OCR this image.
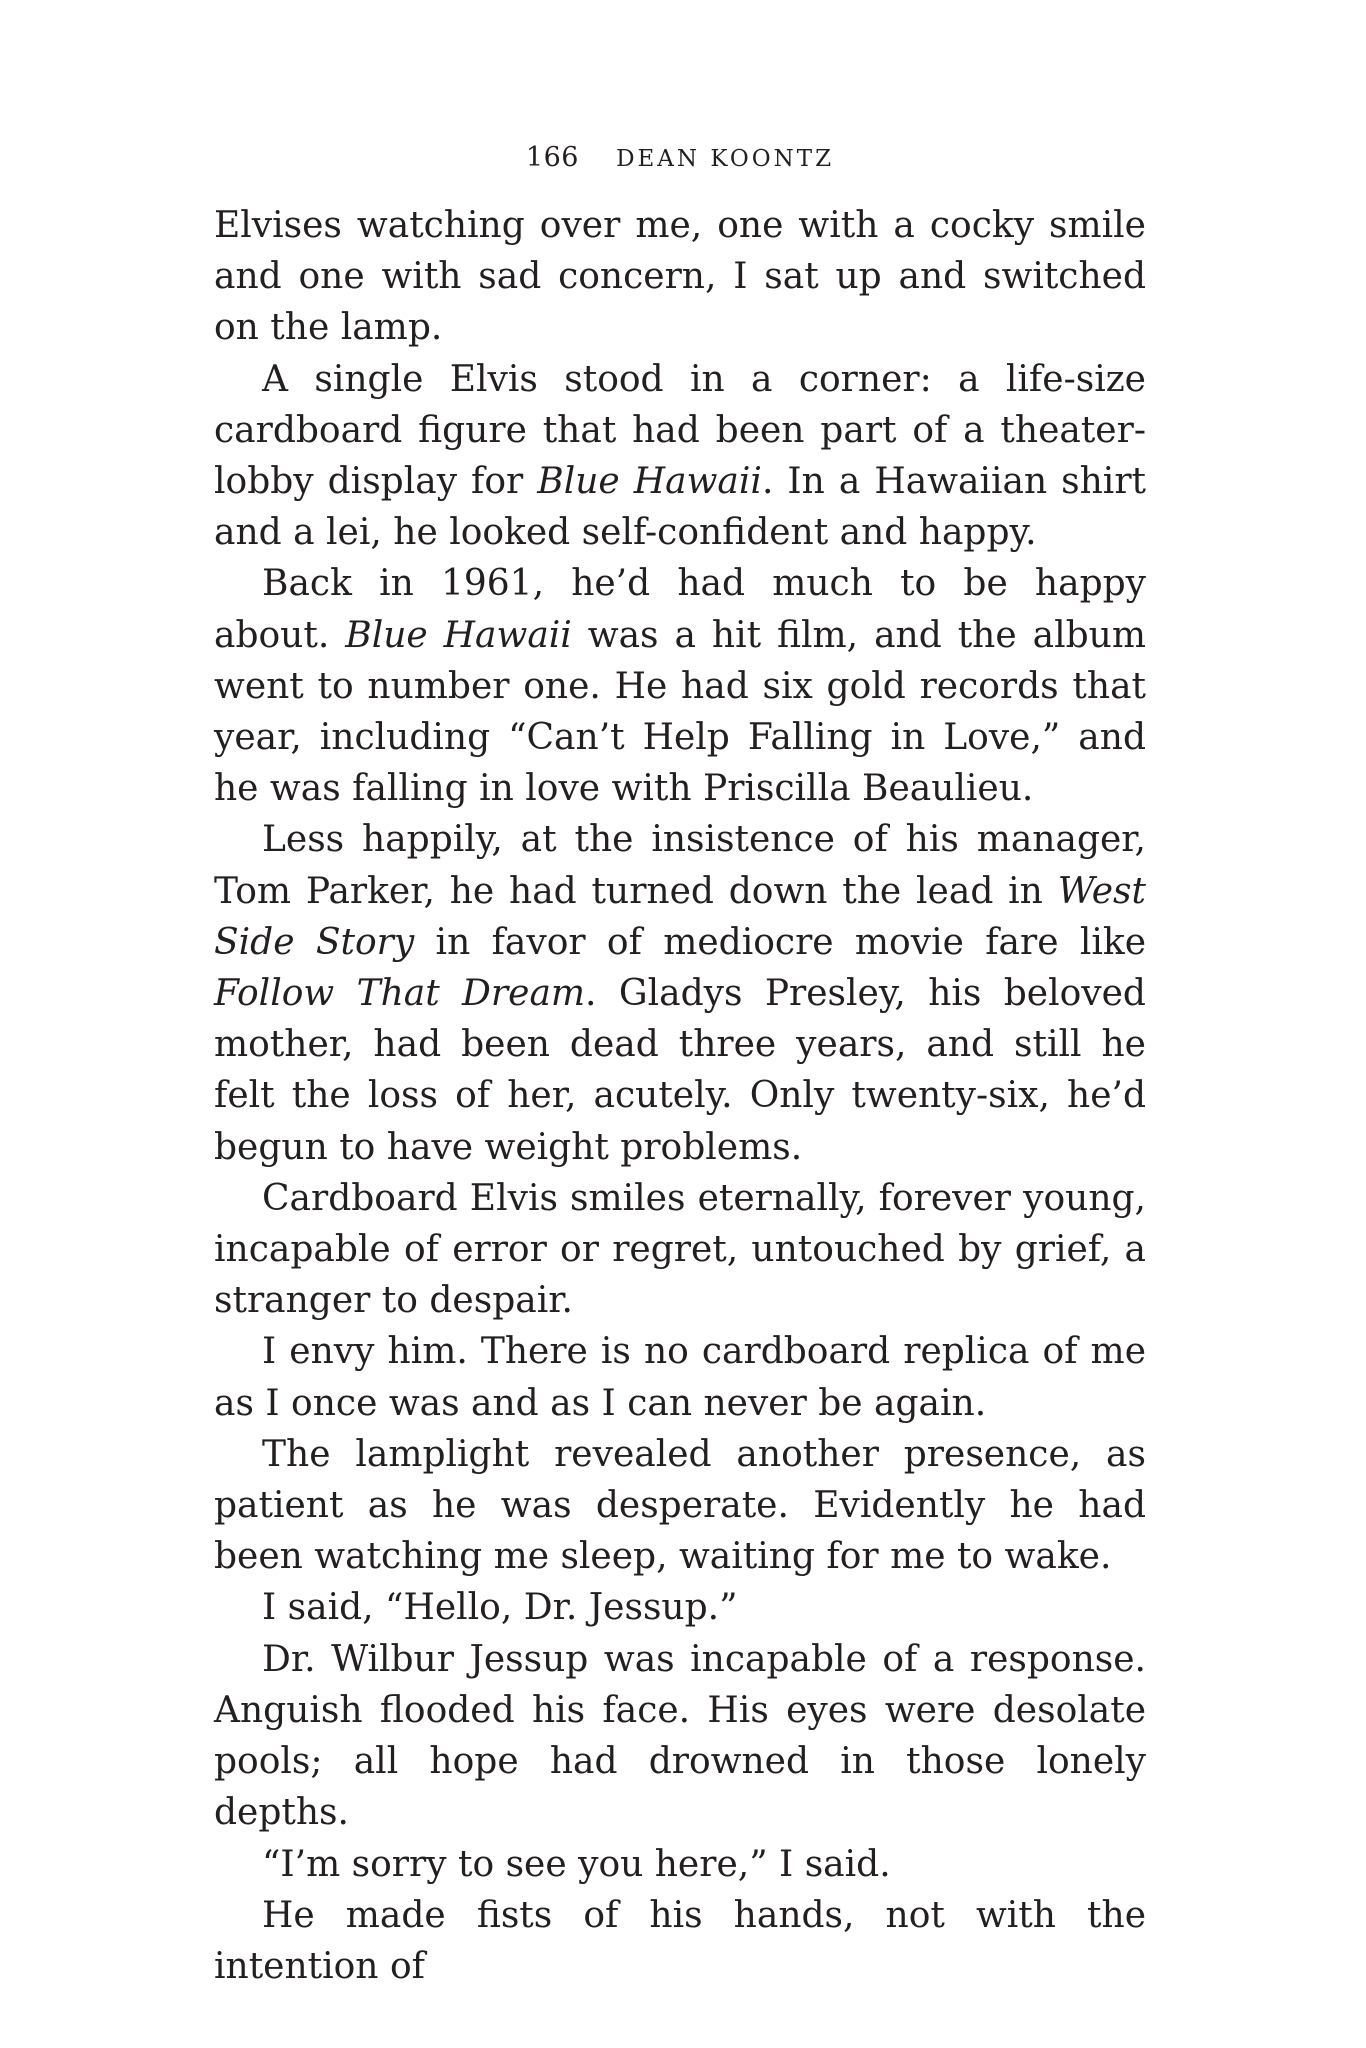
166 DEAN KOONTZ

Elvises watching over me, one with a cocky smile and one with sad concern, I sat up and switched on the lamp.

A single Elvis stood in a corner: a life-size cardboard figure that had been part of a theater-lobby display for Blue Hawaii. In a Hawaiian shirt and a lei, he looked self-confident and happy.

Back in 1961, he’d had much to be happy about. Blue Hawaii was a hit film, and the album went to number one. He had six gold records that year, including “Can’t Help Falling in Love,” and he was falling in love with Priscilla Beaulieu.

Less happily, at the insistence of his manager, Tom Parker, he had turned down the lead in West Side Story in favor of mediocre movie fare like Follow That Dream. Gladys Presley, his beloved mother, had been dead three years, and still he felt the loss of her, acutely. Only twenty-six, he’d begun to have weight problems.

Cardboard Elvis smiles eternally, forever young, incapable of error or regret, untouched by grief, a stranger to despair.

I envy him. There is no cardboard replica of me as I once was and as I can never be again.

The lamplight revealed another presence, as patient as he was desperate. Evidently he had been watching me sleep, waiting for me to wake.

I said, “Hello, Dr. Jessup.”

Dr. Wilbur Jessup was incapable of a response. Anguish flooded his face. His eyes were desolate pools; all hope had drowned in those lonely depths.

“I’m sorry to see you here,” I said.

He made fists of his hands, not with the intention of
